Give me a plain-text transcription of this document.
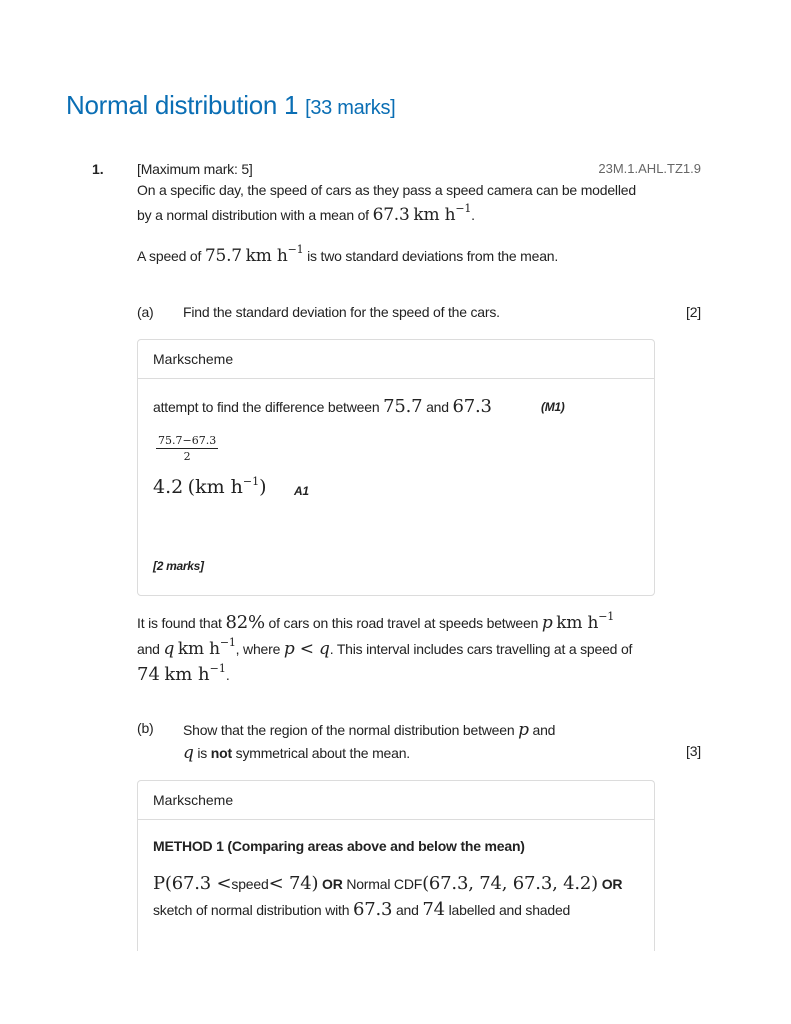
Normal distribution 1 [33 marks]
1. [Maximum mark: 5]	23M.1.AHL.TZ1.9
On a specific day, the speed of cars as they pass a speed camera can be modelled
by a normal distribution with a mean of 67.3 km $h^{-1}$.
A speed of 75.7 km $h^{-1}$ is two standard deviations from the mean.
(a) Find the standard deviation for the speed of the cars.	[2]
Markscheme
attempt to find the difference between 75.7 and 67.3	(M1)
$\frac{75.7-67.3}{2}$
4.2 (km $h^{-1}$) A1
[2 marks]
It is found that 82% of cars on this road travel at speeds between p km $h^{-1}$
and q km $h^{-1}$, where p < q. This interval includes cars travelling at a speed of
74 km $h^{-1}$.
(b) Show that the region of the normal distribution between p and
q is not symmetrical about the mean.	[3]
Markscheme
METHOD 1 (Comparing areas above and below the mean)
P(67.3 <speed< 74) OR Normal CDF(67.3, 74, 67.3, 4.2) OR
sketch of normal distribution with 67.3 and 74 labelled and shaded
